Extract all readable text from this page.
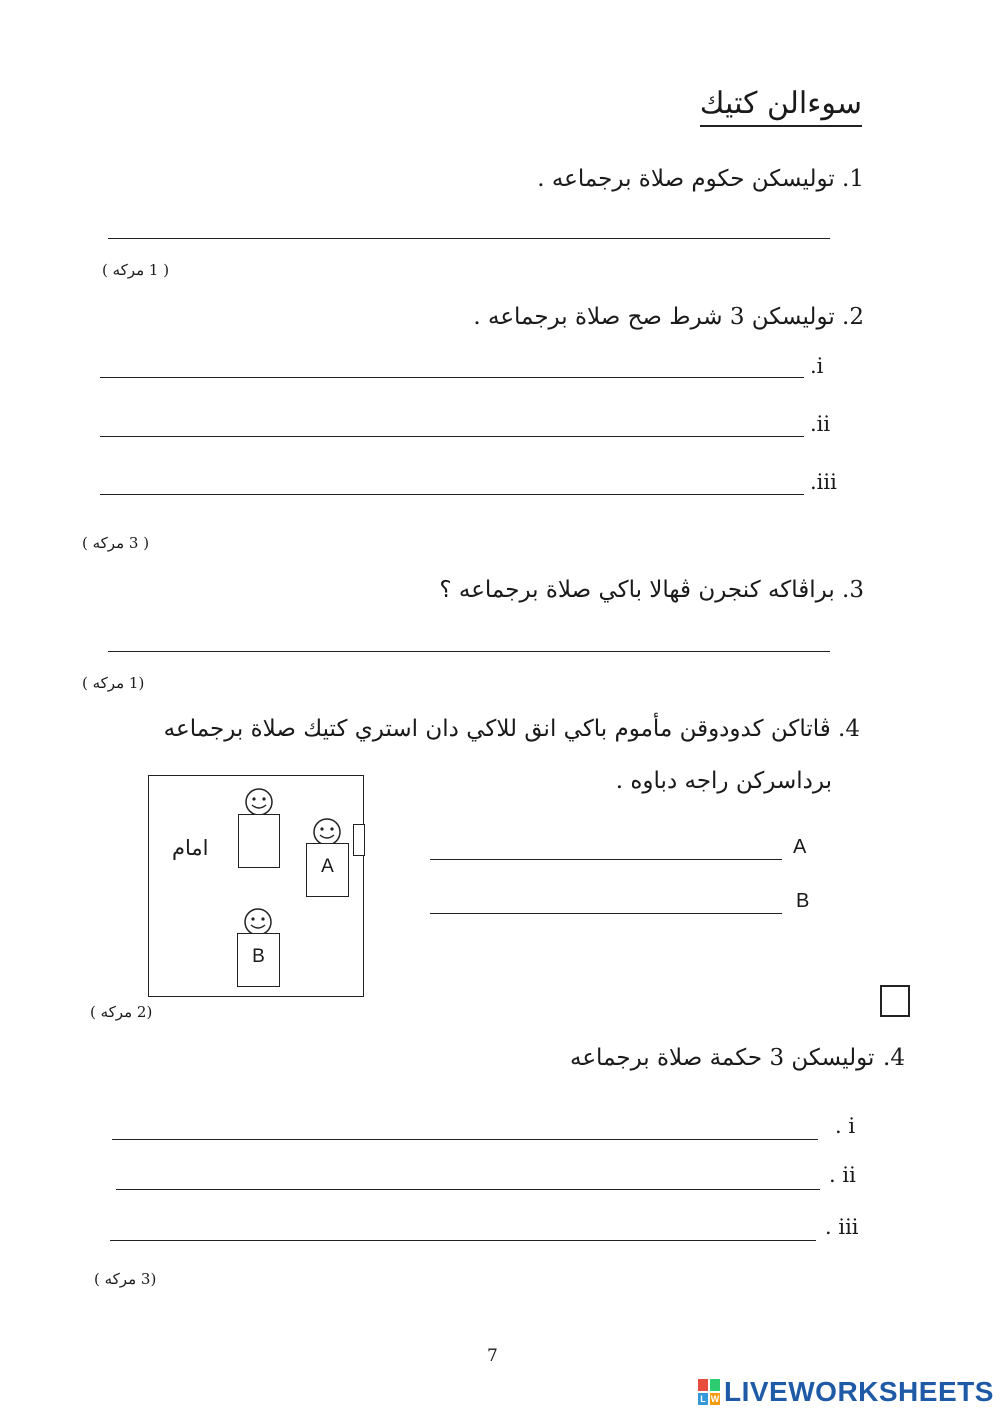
سوءالن كتيك
1. توليسكن حكوم صلاة برجماعه .
( 1 مركه )
2. توليسكن 3 شرط صح صلاة برجماعه .
.i
.ii
.iii
( 3 مركه )
3. براڤاكه كنجرن ڤهالا باكي صلاة برجماعه ؟
(1 مركه )
4. ڤاتاكن كدودوقن مأموم باكي انق للاكي دان استري كتيك صلاة برجماعه
برداسركن راجه دباوه .
امام
A
B
A
B
(2 مركه )
توليسكن 3 حكمة صلاة برجماعه 4.
. i
. ii
. iii
(3 مركه )
7
L W LIVEWORKSHEETS
